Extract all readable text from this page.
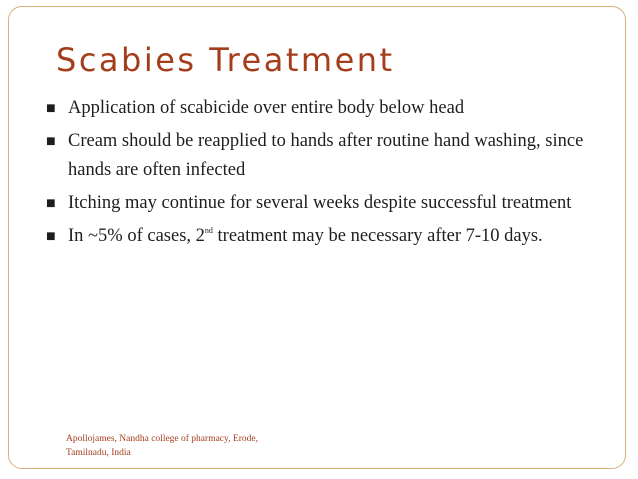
Scabies Treatment
■ Application of scabicide over entire body below head
■ Cream should be reapplied to hands after routine hand washing, since hands are often infected
■ Itching may continue for several weeks despite successful treatment
■ In ~5% of cases, 2nd treatment may be necessary after 7-10 days.
Apollojames, Nandha college of pharmacy, Erode,
Tamilnadu, India
